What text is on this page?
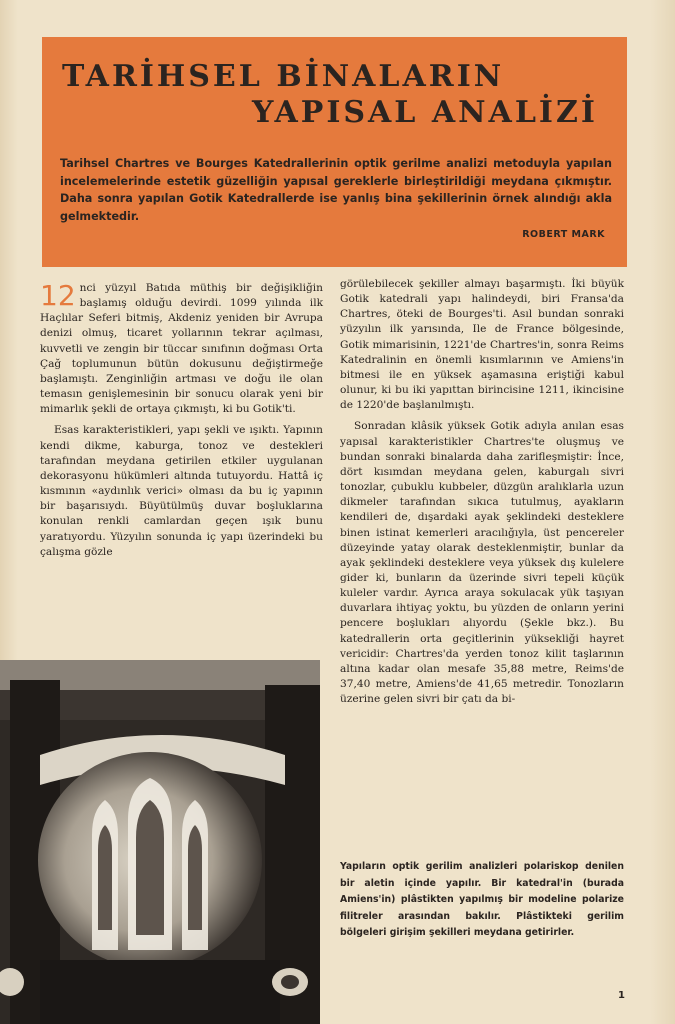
TARİHSEL BİNALARIN
YAPISAL ANALİZİ
Tarihsel Chartres ve Bourges Katedrallerinin optik gerilme analizi metoduyla yapılan incelemelerinde estetik güzelliğin yapısal gereklerle birleştirildiği meydana çıkmıştır. Daha sonra yapılan Gotik Katedrallerde ise yanlış bina şekillerinin örnek alındığı akla gelmektedir.
ROBERT MARK
12 nci yüzyıl Batıda müthiş bir değişikliğin başlamış olduğu devirdi. 1099 yılında ilk Haçlılar Seferi bitmiş, Akdeniz yeniden bir Avrupa denizi olmuş, ticaret yollarının tekrar açılması, kuvvetli ve zengin bir tüccar sınıfının doğması Orta Çağ toplumunun bütün dokusunu değiştirmeğe başlamıştı. Zenginliğin artması ve doğu ile olan temasın genişlemesinin bir sonucu olarak yeni bir mimarlık şekli de ortaya çıkmıştı, ki bu Gotik'ti.

Esas karakteristikleri, yapı şekli ve ışıktı. Yapının kendi dikme, kaburga, tonoz ve destekleri tarafından meydana getirilen etkiler uygulanan dekorasyonu hükümleri altında tutuyordu. Hattâ iç kısmının «aydınlık verici» olması da bu iç yapının bir başarısıydı. Büyütülmüş duvar boşluklarına konulan renkli camlardan geçen ışık bunu yaratıyordu. Yüzyılın sonunda iç yapı üzerindeki bu çalışma gözle

görülebilecek şekiller almayı başarmıştı. İki büyük Gotik katedrali yapı halindeydi, biri Fransa'da Chartres, öteki de Bourges'ti. Asıl bundan sonraki yüzyılın ilk yarısında, Ile de France bölgesinde, Gotik mimarisinin, 1221'de Chartres'in, sonra Reims Katedralinin en önemli kısımlarının ve Amiens'in bitmesi ile en yüksek aşamasına eriştiği kabul olunur, ki bu iki yapıttan birincisine 1211, ikincisine de 1220'de başlanılmıştı.

Sonradan klâsik yüksek Gotik adıyla anılan esas yapısal karakteristikler Chartres'te oluşmuş ve bundan sonraki binalarda daha zarifleşmiştir: İnce, dört kısımdan meydana gelen, kaburgalı sivri tonozlar, çubuklu kubbeler, düzgün aralıklarla uzun dikmeler tarafından sıkıca tutulmuş, ayakların kendileri de, dışardaki ayak şeklindeki desteklere binen istinat kemerleri aracılığıyla, üst pencereler düzeyinde yatay olarak desteklenmiştir, bunlar da ayak şeklindeki desteklere veya yüksek dış kulelere gider ki, bunların da üzerinde sivri tepeli küçük kuleler vardır. Ayrıca araya sokulacak yük taşıyan duvarlara ihtiyaç yoktu, bu yüzden de onların yerini pencere boşlukları alıyordu (Şekle bkz.). Bu katedrallerin orta geçitlerinin yüksekliği hayret vericidir: Chartres'da yerden tonoz kilit taşlarının altına kadar olan mesafe 35,88 metre, Reims'de 37,40 metre, Amiens'de 41,65 metredir. Tonozların üzerine gelen sivri bir çatı da bi-

Yapıların optik gerilim analizleri polariskop denilen bir aletin içinde yapılır. Bir katedral'in (burada Amiens'in) plâstikten yapılmış bir modeline polarize filitreler arasından bakılır. Plâstikteki gerilim bölgeleri girişim şekilleri meydana getirirler.
1
